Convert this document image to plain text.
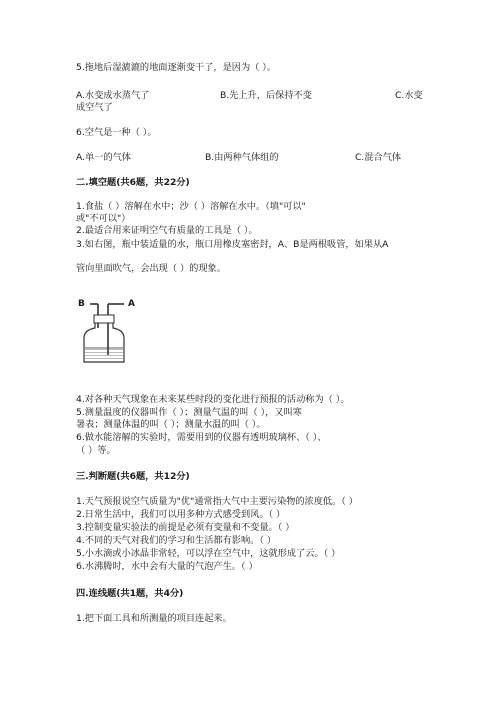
5.拖地后湿漉漉的地面逐渐变干了，是因为（ ）。
A.水变成水蒸气了	B.先上升，后保持不变	C.水变
成空气了
6.空气是一种（ ）。
A.单一的气体	B.由两种气体组的	C.混合气体
二.填空题(共6题，共22分)
1.食盐（ ）溶解在水中；沙（ ）溶解在水中。（填"可以"
或"不可以"）
2.最适合用来证明空气有质量的工具是（ ）。
3.如右图，瓶中装适量的水，瓶口用橡皮塞密封，A、B是两根吸管，如果从A
管向里面吹气，会出现（ ）的现象。
B	A
4.对各种天气现象在未来某些时段的变化进行预报的活动称为（ ）。
5.测量温度的仪器叫作（ ）；测量气温的叫（ ），又叫寒
暑表；测量体温的叫（ ）；测量水温的叫（ ）。
6.做水能溶解的实验时，需要用到的仪器有透明玻璃杯、（ ）、
（ ）等。
三.判断题(共6题，共12分)
1.天气预报说空气质量为"优"通常指大气中主要污染物的浓度低。（ ）
2.日常生活中，我们可以用多种方式感受到风。（ ）
3.控制变量实验法的前提是必须有变量和不变量。（ ）
4.不同的天气对我们的学习和生活都有影响。（ ）
5.小水滴或小冰晶非常轻，可以浮在空气中，这就形成了云。（ ）
6.水沸腾时，水中会有大量的气泡产生。（ ）
四.连线题(共1题，共4分)
1.把下面工具和所测量的项目连起来。
